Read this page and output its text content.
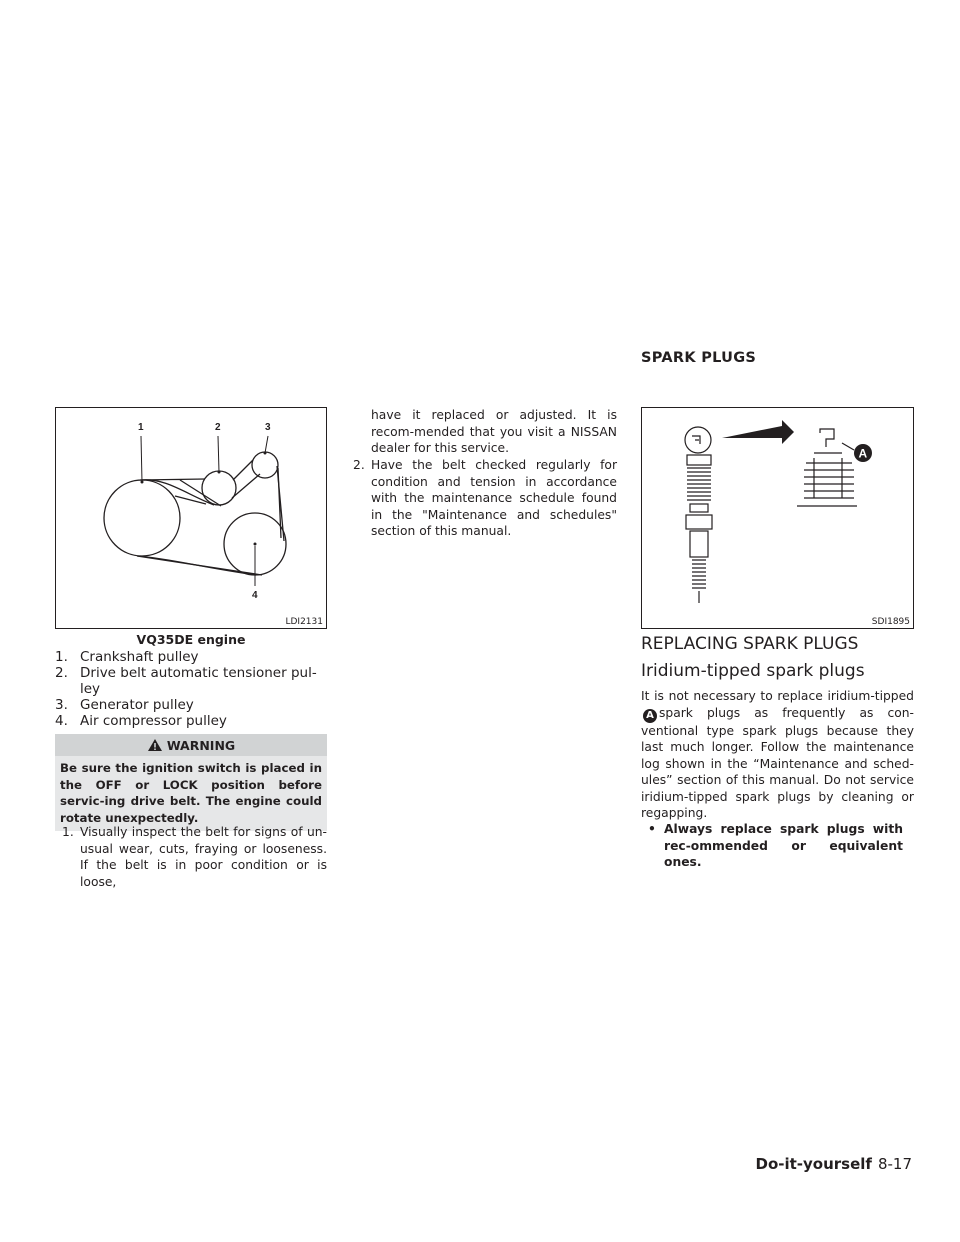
SPARK PLUGS
1	2	3
4
LDI2131
VQ35DE engine
1. Crankshaft pulley
2. Drive belt automatic tensioner pul-ley
3. Generator pulley
4. Air compressor pulley
WARNING
Be sure the ignition switch is placed in the OFF or LOCK position before servic-ing drive belt. The engine could rotate unexpectedly.
1. Visually inspect the belt for signs of un-usual wear, cuts, fraying or looseness. If the belt is in poor condition or is loose,
have it replaced or adjusted. It is recom-mended that you visit a NISSAN dealer for this service.
2. Have the belt checked regularly for condition and tension in accordance with the maintenance schedule found in the "Maintenance and schedules" section of this manual.
A
SDI1895
REPLACING SPARK PLUGS
Iridium-tipped spark plugs

It is not necessary to replace iridium-tippedA spark plugs as frequently as con-ventional type spark plugs because they last much longer. Follow the maintenance log shown in the “Maintenance and sched-ules” section of this manual. Do not service iridium-tipped spark plugs by cleaning or regapping.

• Always replace spark plugs with rec-ommended or equivalent ones.
Do-it-yourself 8-17
